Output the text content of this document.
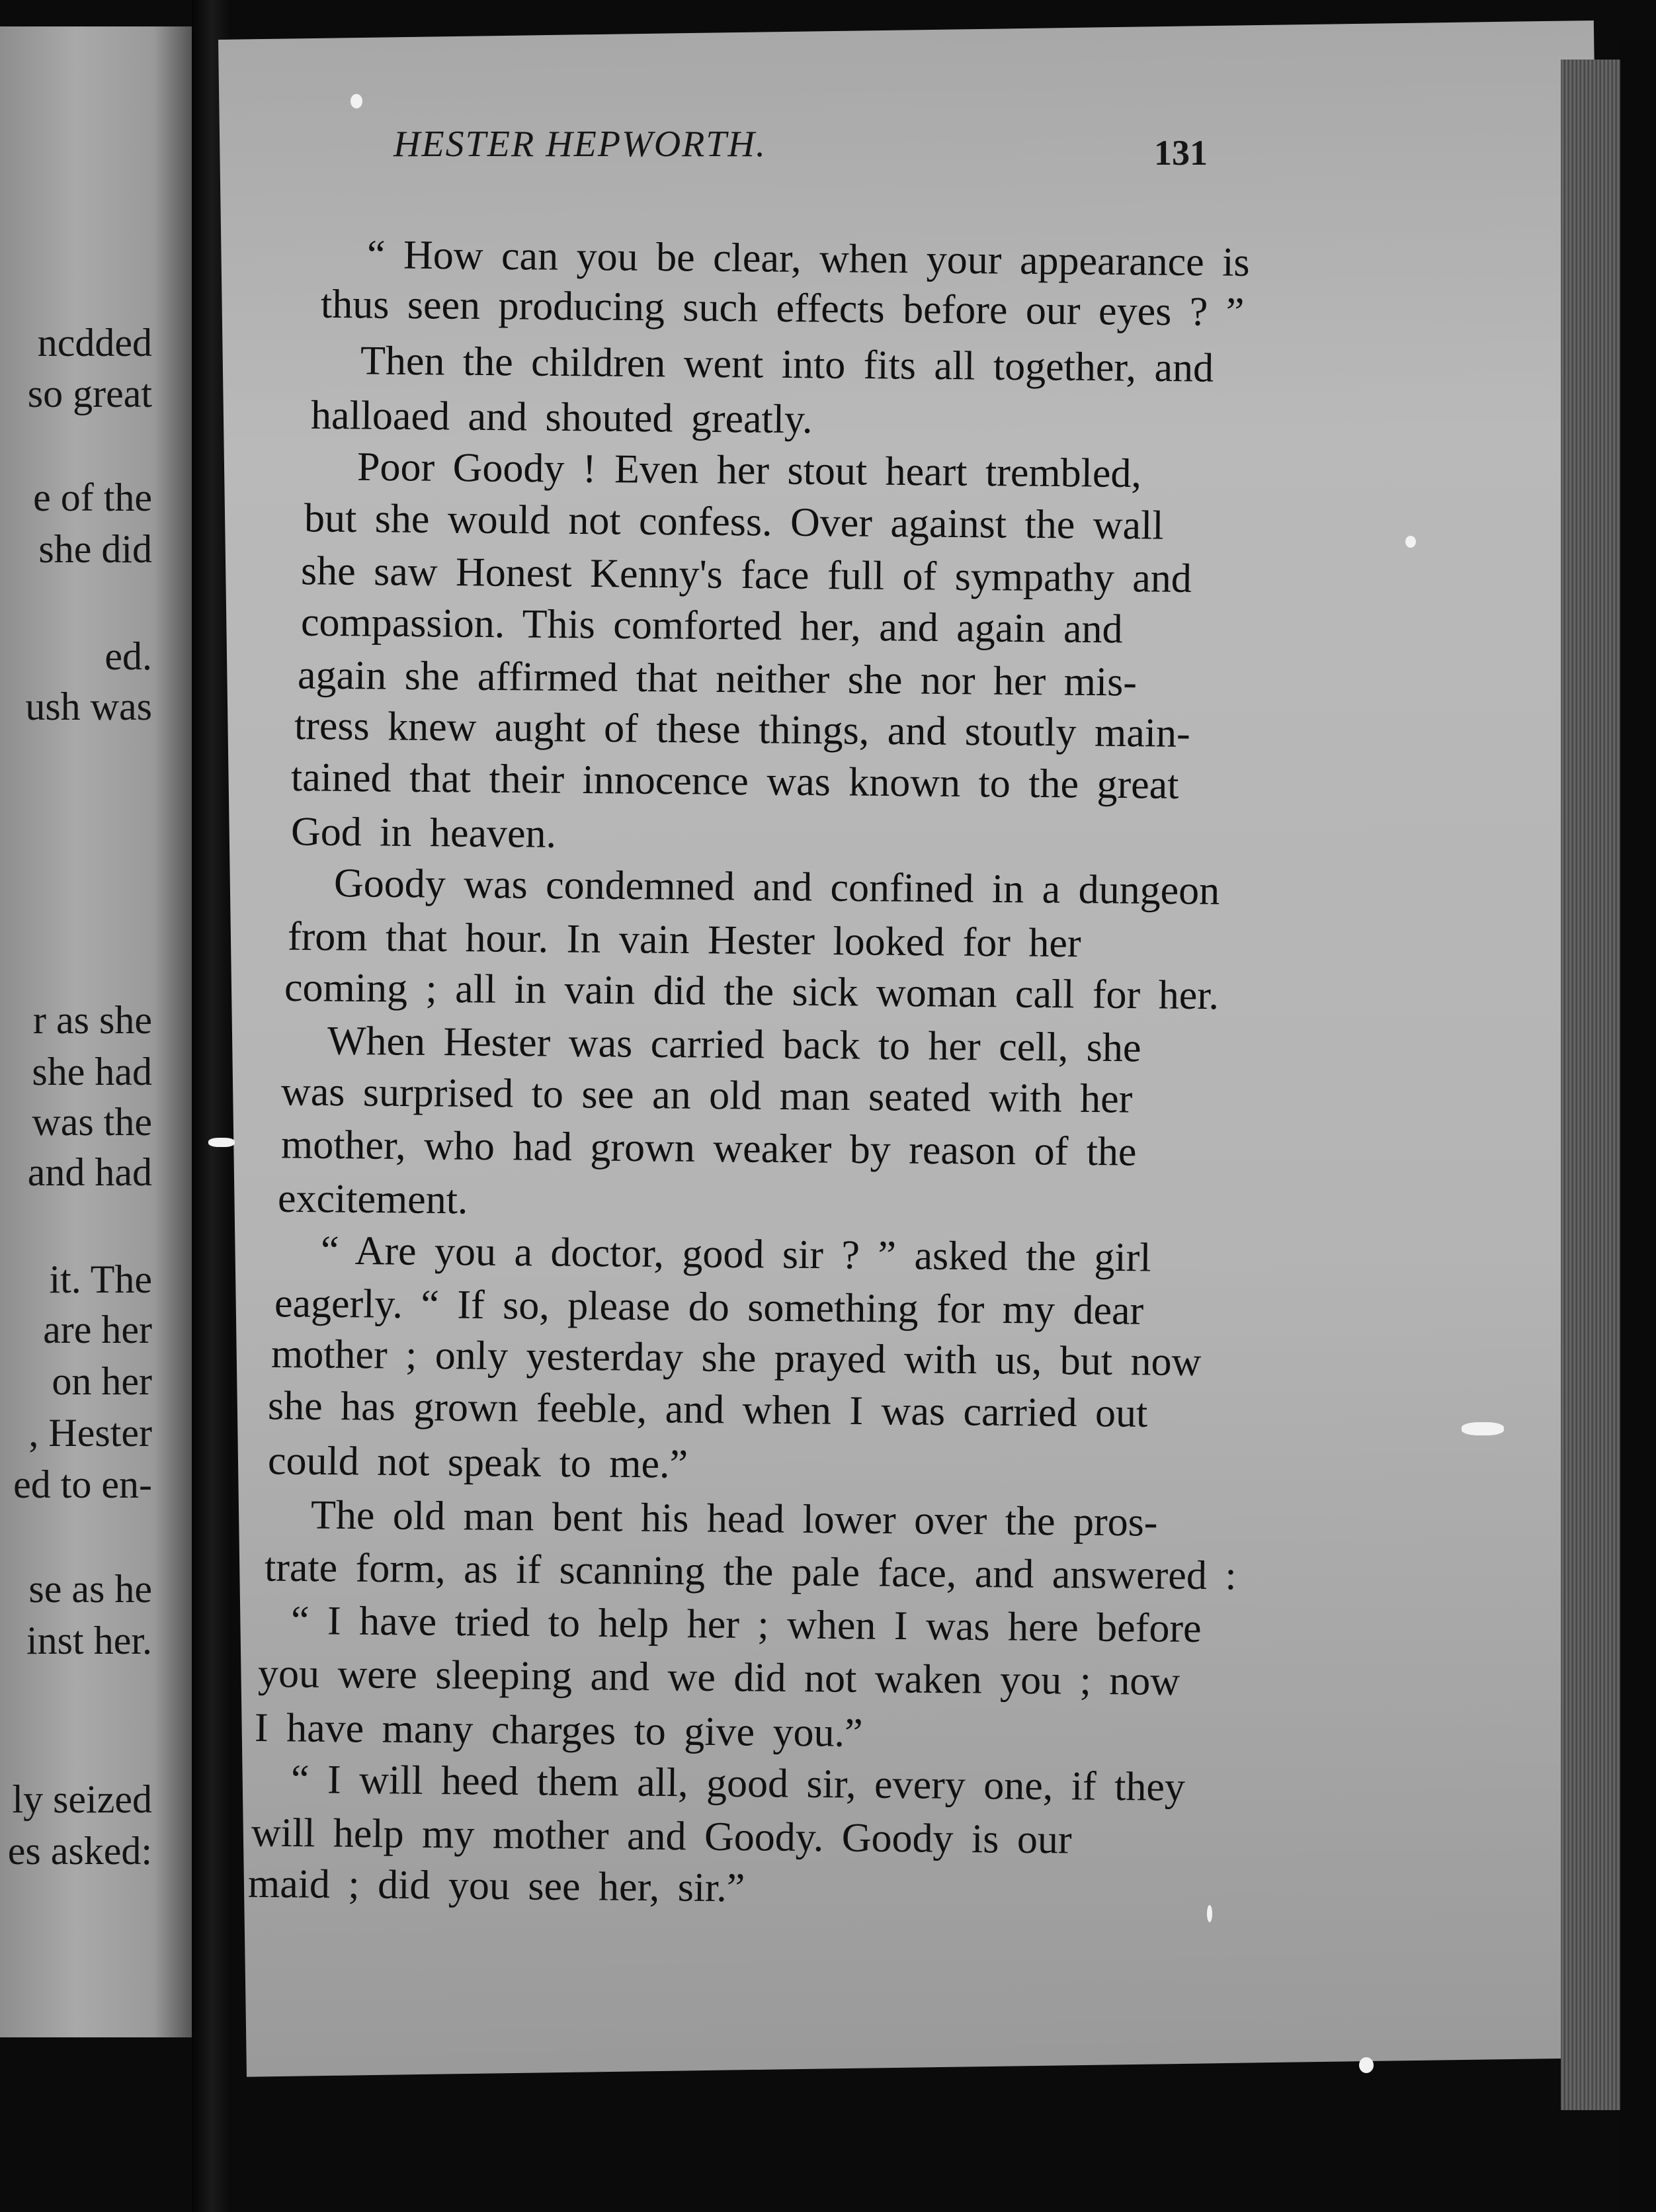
ncdded
so great
e of the
she did
ed.
ush was
r as she
she had
was the
and had
it. The
are her
on her
, Hester
ed to en-
se as he
inst her.
ly seized
es asked:
HESTER HEPWORTH.	131
“ How can you be clear, when your appearance is
thus seen producing such effects before our eyes ? ”
Then the children went into fits all together, and
halloaed and shouted greatly.
Poor Goody ! Even her stout heart trembled,
but she would not confess. Over against the wall
she saw Honest Kenny's face full of sympathy and
compassion. This comforted her, and again and
again she affirmed that neither she nor her mis-
tress knew aught of these things, and stoutly main-
tained that their innocence was known to the great
God in heaven.
Goody was condemned and confined in a dungeon
from that hour. In vain Hester looked for her
coming ; all in vain did the sick woman call for her.
When Hester was carried back to her cell, she
was surprised to see an old man seated with her
mother, who had grown weaker by reason of the
excitement.
“ Are you a doctor, good sir ? ” asked the girl
eagerly. “ If so, please do something for my dear
mother ; only yesterday she prayed with us, but now
she has grown feeble, and when I was carried out
could not speak to me.”
The old man bent his head lower over the pros-
trate form, as if scanning the pale face, and answered :
“ I have tried to help her ; when I was here before
you were sleeping and we did not waken you ; now
I have many charges to give you.”
“ I will heed them all, good sir, every one, if they
will help my mother and Goody. Goody is our
maid ; did you see her, sir.”
